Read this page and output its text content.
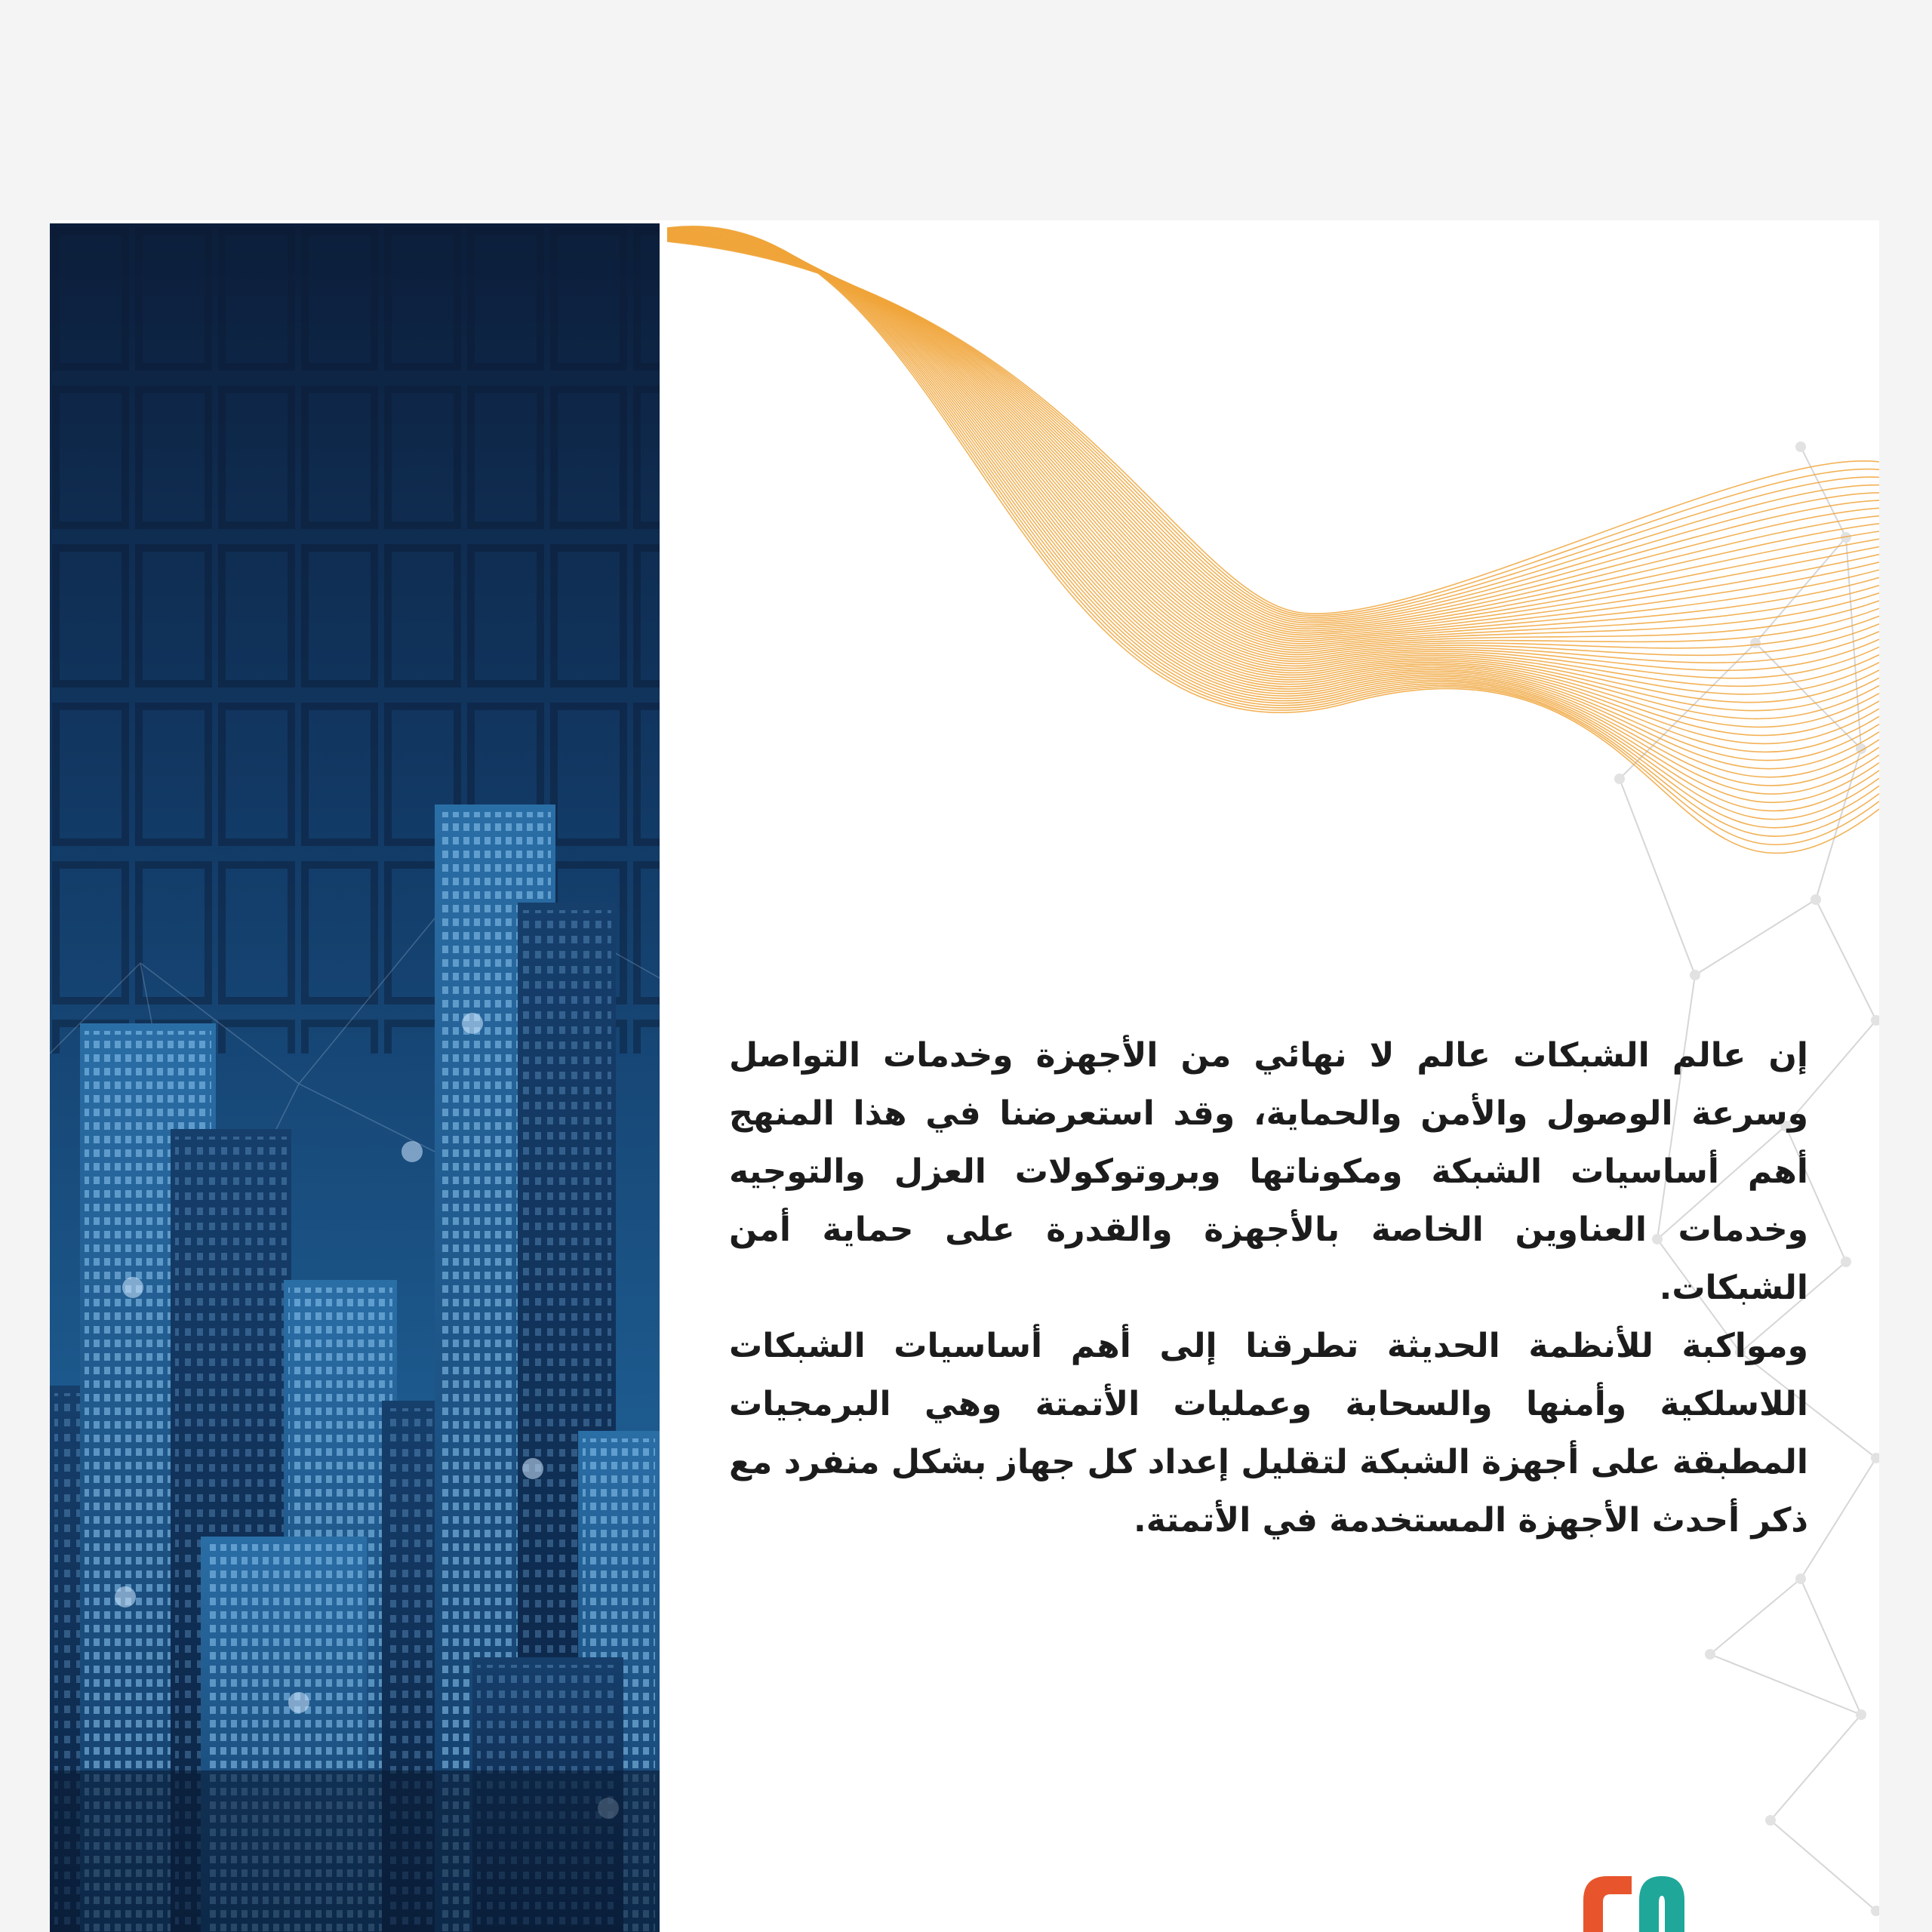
إن عالم الشبكات عالم لا نهائي من الأجهزة وخدمات التواصل وسرعة الوصول والأمن والحماية، وقد استعرضنا في هذا المنهج أهم أساسيات الشبكة ومكوناتها وبروتوكولات العزل والتوجيه وخدمات العناوين الخاصة بالأجهزة والقدرة على حماية أمن الشبكات.

ومواكبة للأنظمة الحديثة تطرقنا إلى أهم أساسيات الشبكات اللاسلكية وأمنها والسحابة وعمليات الأتمتة وهي البرمجيات المطبقة على أجهزة الشبكة لتقليل إعداد كل جهاز بشكل منفرد مع ذكر أحدث الأجهزة المستخدمة في الأتمتة.
